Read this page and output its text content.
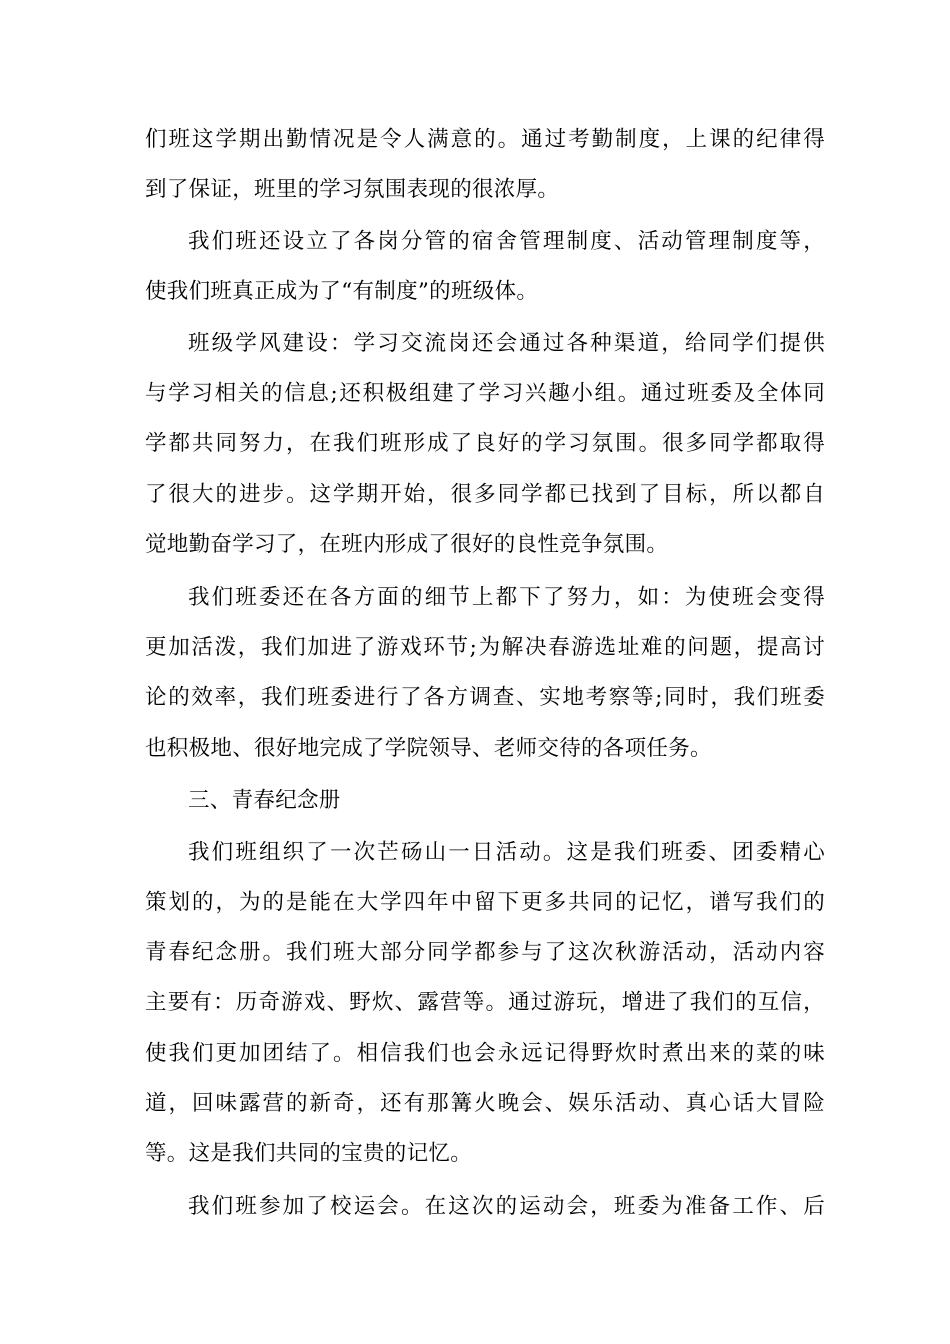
们班这学期出勤情况是令人满意的。通过考勤制度，上课的纪律得
到了保证，班里的学习氛围表现的很浓厚。
我们班还设立了各岗分管的宿舍管理制度、活动管理制度等，
使我们班真正成为了“有制度”的班级体。
班级学风建设：学习交流岗还会通过各种渠道，给同学们提供
与学习相关的信息;还积极组建了学习兴趣小组。通过班委及全体同
学都共同努力，在我们班形成了良好的学习氛围。很多同学都取得
了很大的进步。这学期开始，很多同学都已找到了目标，所以都自
觉地勤奋学习了，在班内形成了很好的良性竞争氛围。
我们班委还在各方面的细节上都下了努力，如：为使班会变得
更加活泼，我们加进了游戏环节;为解决春游选址难的问题，提高讨
论的效率，我们班委进行了各方调查、实地考察等;同时，我们班委
也积极地、很好地完成了学院领导、老师交待的各项任务。
三、青春纪念册
我们班组织了一次芒砀山一日活动。这是我们班委、团委精心
策划的，为的是能在大学四年中留下更多共同的记忆，谱写我们的
青春纪念册。我们班大部分同学都参与了这次秋游活动，活动内容
主要有：历奇游戏、野炊、露营等。通过游玩，增进了我们的互信，
使我们更加团结了。相信我们也会永远记得野炊时煮出来的菜的味
道，回味露营的新奇，还有那篝火晚会、娱乐活动、真心话大冒险
等。这是我们共同的宝贵的记忆。
我们班参加了校运会。在这次的运动会，班委为准备工作、后
